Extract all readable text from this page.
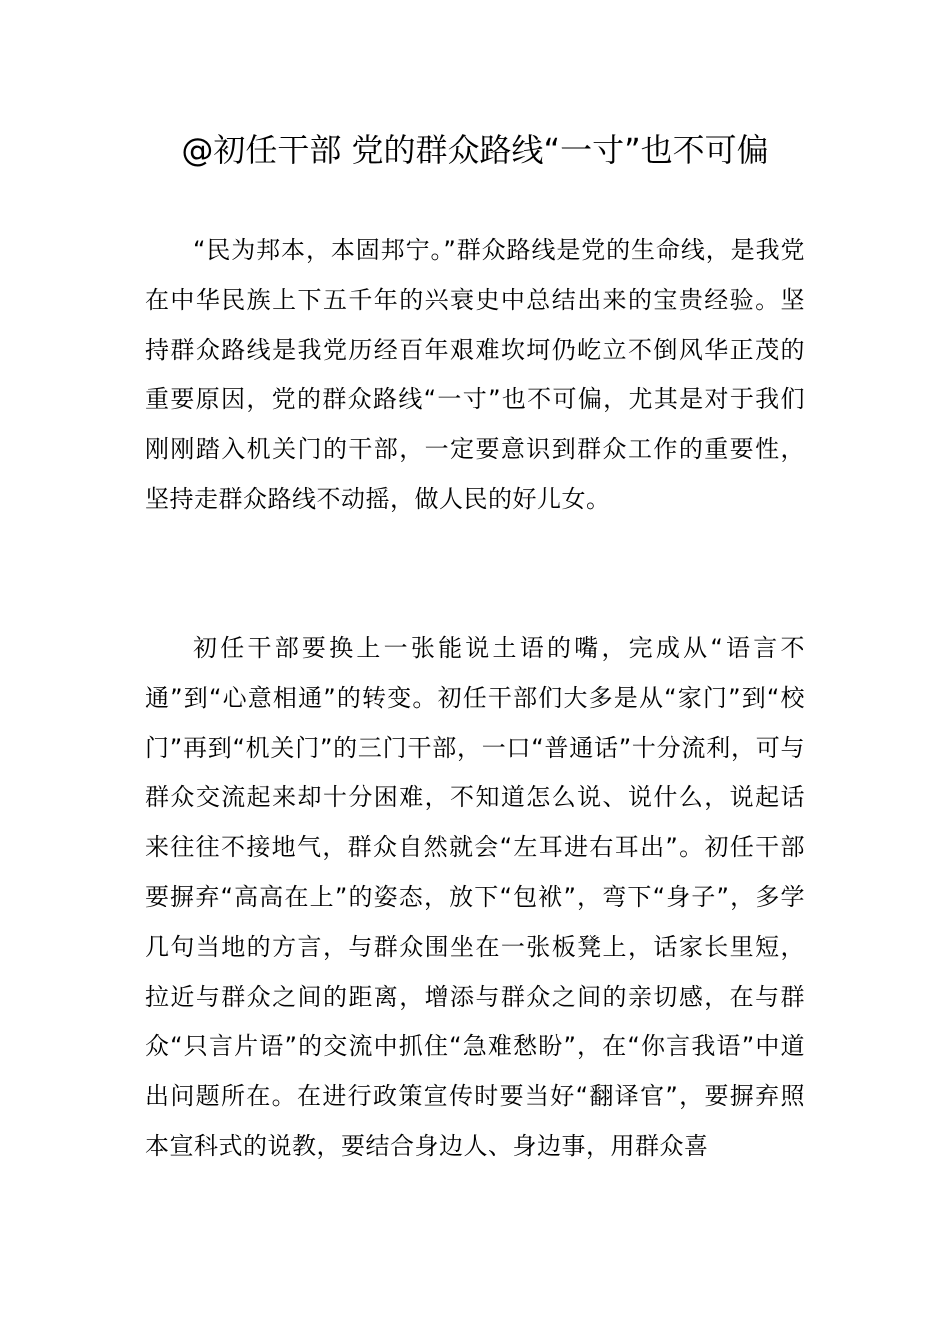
@初任干部 党的群众路线“一寸”也不可偏

“民为邦本，本固邦宁。”群众路线是党的生命线，是我党在中华民族上下五千年的兴衰史中总结出来的宝贵经验。坚持群众路线是我党历经百年艰难坎坷仍屹立不倒风华正茂的重要原因，党的群众路线“一寸”也不可偏，尤其是对于我们刚刚踏入机关门的干部，一定要意识到群众工作的重要性，坚持走群众路线不动摇，做人民的好儿女。

初任干部要换上一张能说土语的嘴，完成从“语言不通”到“心意相通”的转变。初任干部们大多是从“家门”到“校门”再到“机关门”的三门干部，一口“普通话”十分流利，可与群众交流起来却十分困难，不知道怎么说、说什么，说起话来往往不接地气，群众自然就会“左耳进右耳出”。初任干部要摒弃“高高在上”的姿态，放下“包袱”，弯下“身子”，多学几句当地的方言，与群众围坐在一张板凳上，话家长里短，拉近与群众之间的距离，增添与群众之间的亲切感，在与群众“只言片语”的交流中抓住“急难愁盼”，在“你言我语”中道出问题所在。在进行政策宣传时要当好“翻译官”，要摒弃照本宣科式的说教，要结合身边人、身边事，用群众喜
